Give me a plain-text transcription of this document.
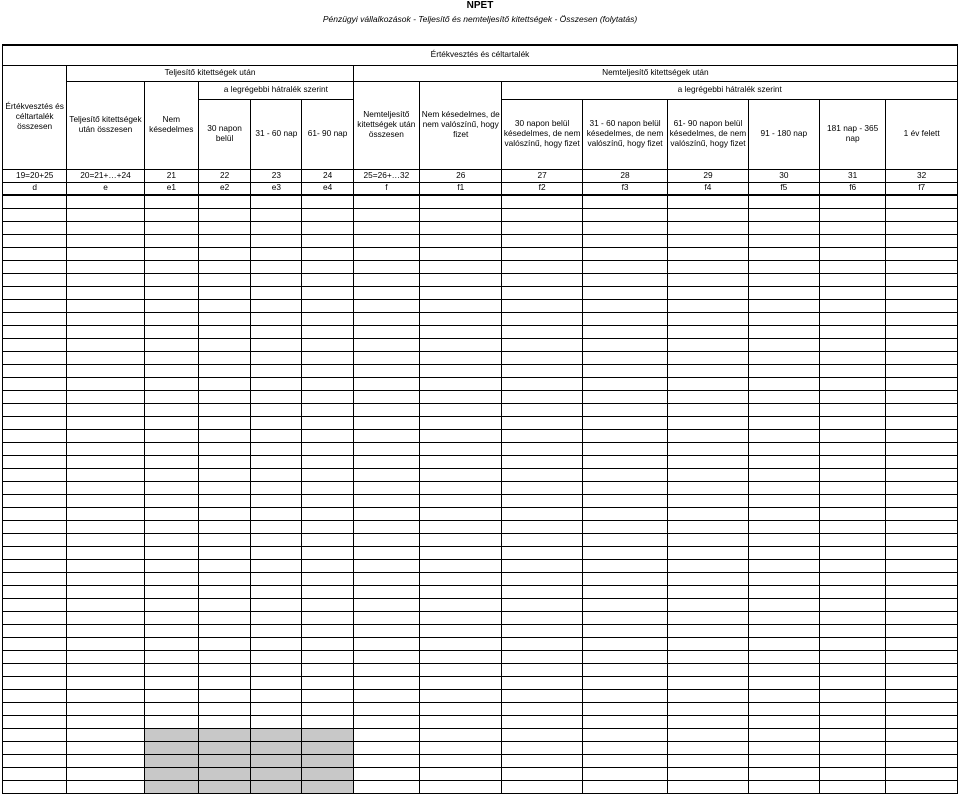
NPET
Pénzügyi vállalkozások - Teljesítő és nemteljesítő kitettségek - Összesen (folytatás)
Értékvesztés és céltartalék													
Értékvesztés és céltartalék összesen	Teljesítő kitettségek után					Nemteljesítő kitettségek után							
	Teljesítő kitettségek után összesen	Nem késedelmes	a legrégebbi hátralék szerint			Nemteljesítő kitettségek után összesen	Nem késedelmes, de nem valószínű, hogy fizet	a legrégebbi hátralék szerint					
			30 napon belül	31 - 60 nap	61- 90 nap			30 napon belül késedelmes, de nem valószínű, hogy fizet	31 - 60 napon belül késedelmes, de nem valószínű, hogy fizet	61- 90 napon belül késedelmes, de nem valószínű, hogy fizet	91 - 180 nap	181 nap - 365 nap	1 év felett
19=20+25	20=21+…+24	21	22	23	24	25=26+…32	26	27	28	29	30	31	32
d	e	e1	e2	e3	e4	f	f1	f2	f3	f4	f5	f6	f7
